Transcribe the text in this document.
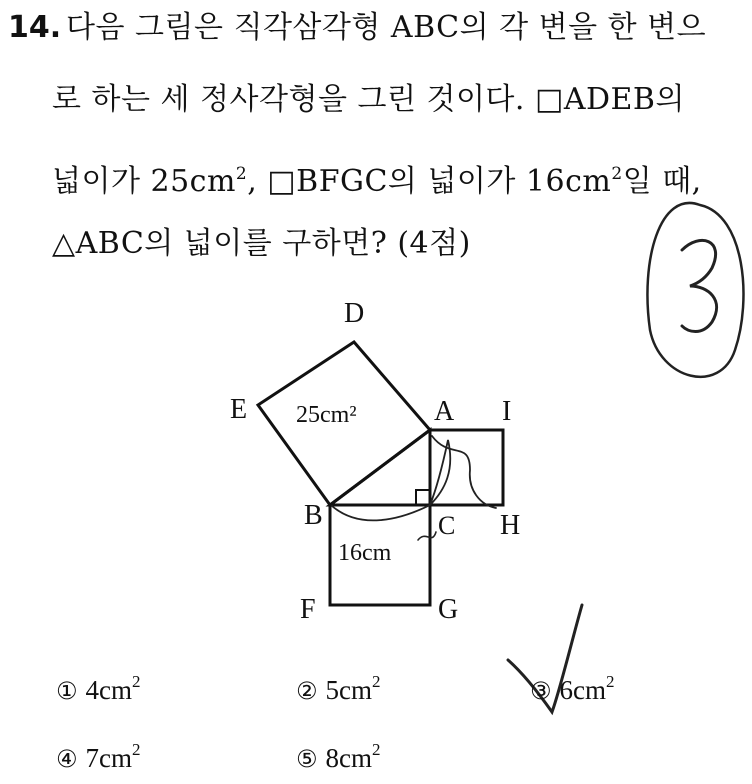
14. 다음 그림은 직각삼각형 ABC의 각 변을 한 변으
로 하는 세 정사각형을 그린 것이다. □ADEB의
넓이가 $25cm^2$, □BFGC의 넓이가 $16cm^2$일 때,
△ABC의 넓이를 구하면? (4점)
D
E	A I
B	C H
F	G
25cm²
16cm
① $4cm^2$	② $5cm^2$	③ $6cm^2$
④ $7cm^2$	⑤ $8cm^2$
